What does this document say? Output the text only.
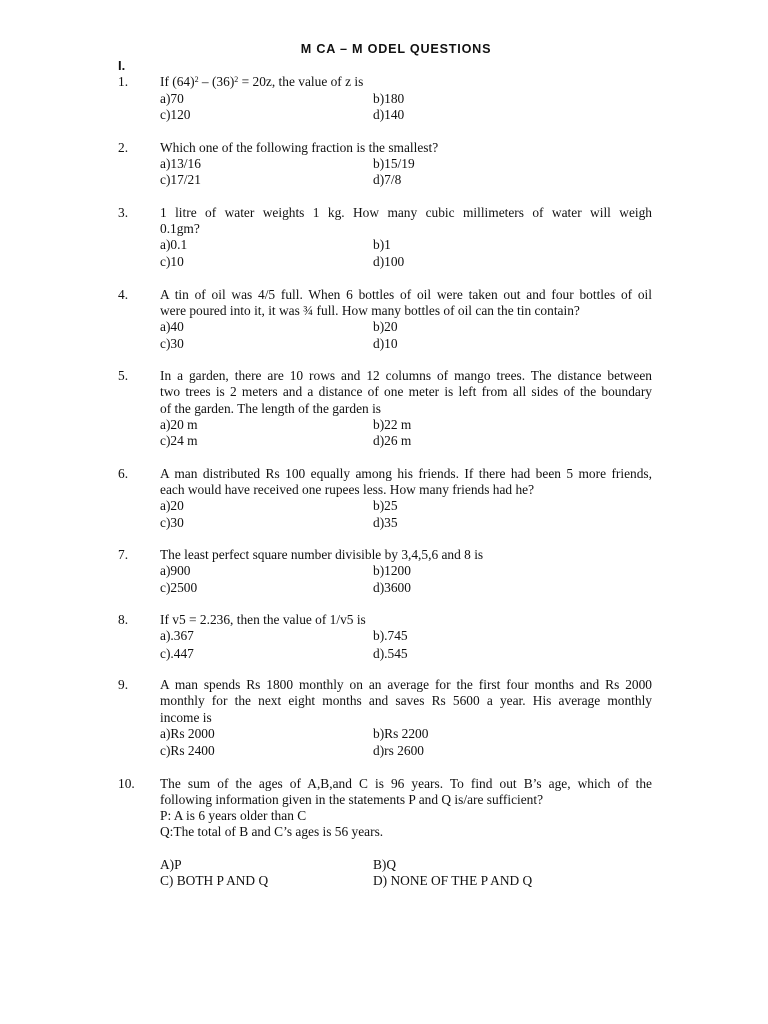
M CA – M ODEL QUESTIONS
I.
1. If $(64)^2 - (36)^2 = 20z$, the value of z is
a)70	b)180
c)120	d)140
2. Which one of the following fraction is the smallest?
a)13/16	b)15/19
c)17/21	d)7/8
3. 1 litre of water weights 1 kg. How many cubic millimeters of water will weigh
0.1gm?
a)0.1	b)1
c)10	d)100
4. A tin of oil was 4/5 full. When 6 bottles of oil were taken out and four bottles of oil
were poured into it, it was ¾ full. How many bottles of oil can the tin contain?
a)40	b)20
c)30	d)10
5. In a garden, there are 10 rows and 12 columns of mango trees. The distance between
two trees is 2 meters and a distance of one meter is left from all sides of the boundary
of the garden. The length of the garden is
a)20 m	b)22 m
c)24 m	d)26 m
6. A man distributed Rs 100 equally among his friends. If there had been 5 more friends,
each would have received one rupees less. How many friends had he?
a)20	b)25
c)30	d)35
7. The least perfect square number divisible by 3,4,5,6 and 8 is
a)900	b)1200
c)2500	d)3600
8. If v5 = 2.236, then the value of 1/v5 is
a).367	b).745
c).447	d).545
9. A man spends Rs 1800 monthly on an average for the first four months and Rs 2000
monthly for the next eight months and saves Rs 5600 a year. His average monthly
income is
a)Rs 2000	b)Rs 2200
c)Rs 2400	d)rs 2600
10. The sum of the ages of A,B,and C is 96 years. To find out B’s age, which of the
following information given in the statements P and Q is/are sufficient?
P: A is 6 years older than C
Q:The total of B and C’s ages is 56 years.
A)P	B)Q
C) BOTH P AND Q	D) NONE OF THE P AND Q
